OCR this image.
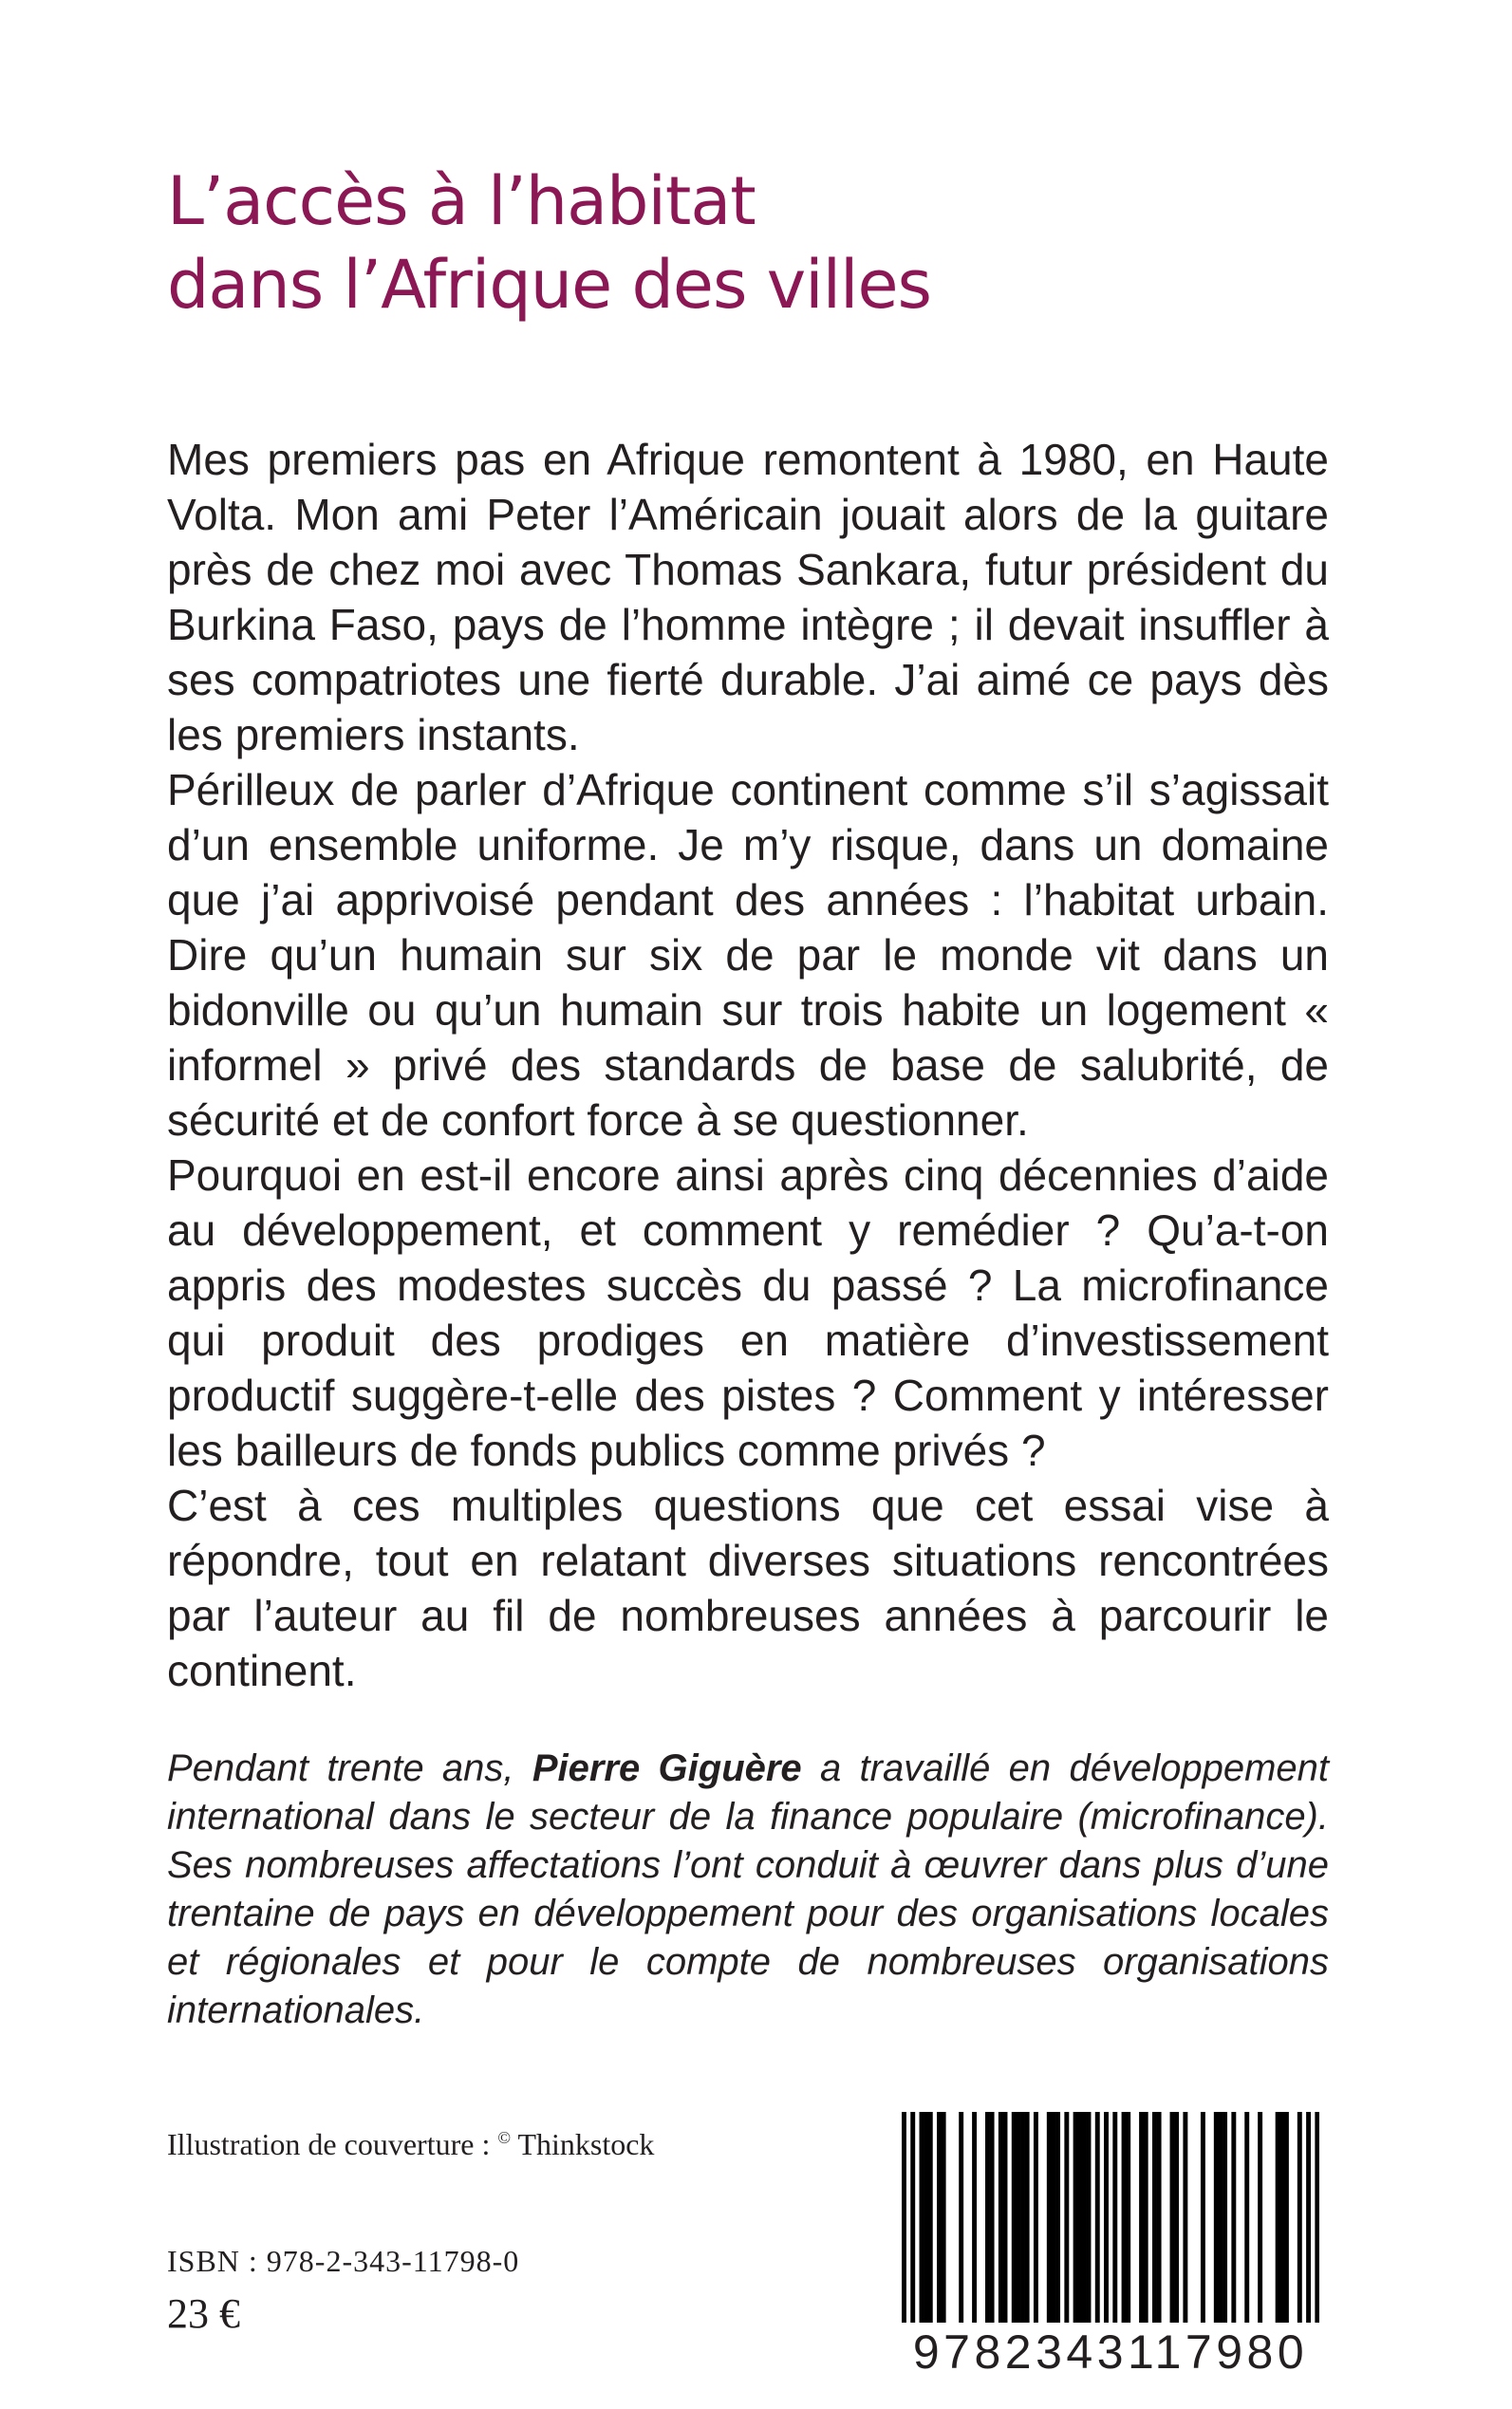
L’accès à l’habitat
dans l’Afrique des villes

Mes premiers pas en Afrique remontent à 1980, en Haute Volta. Mon ami Peter l’Américain jouait alors de la guitare près de chez moi avec Thomas Sankara, futur président du Burkina Faso, pays de l’homme intègre ; il devait insuffler à ses compatriotes une fierté durable. J’ai aimé ce pays dès les premiers instants.

Périlleux de parler d’Afrique continent comme s’il s’agissait d’un ensemble uniforme. Je m’y risque, dans un domaine que j’ai apprivoisé pendant des années : l’habitat urbain. Dire qu’un humain sur six de par le monde vit dans un bidonville ou qu’un humain sur trois habite un logement « informel » privé des standards de base de salubrité, de sécurité et de confort force à se questionner.

Pourquoi en est-il encore ainsi après cinq décennies d’aide au développement, et comment y remédier ? Qu’a-t-on appris des modestes succès du passé ? La microfinance qui produit des prodiges en matière d’investissement productif suggère-t-elle des pistes ? Comment y intéresser les bailleurs de fonds publics comme privés ?

C’est à ces multiples questions que cet essai vise à répondre, tout en relatant diverses situations rencontrées par l’auteur au fil de nombreuses années à parcourir le continent.

Pendant trente ans, Pierre Giguère a travaillé en développement international dans le secteur de la finance populaire (microfinance). Ses nombreuses affectations l’ont conduit à œuvrer dans plus d’une trentaine de pays en développement pour des organisations locales et régionales et pour le compte de nombreuses organisations internationales.

Illustration de couverture : © Thinkstock
ISBN : 978-2-343-11798-0
23 €
9782343117980
